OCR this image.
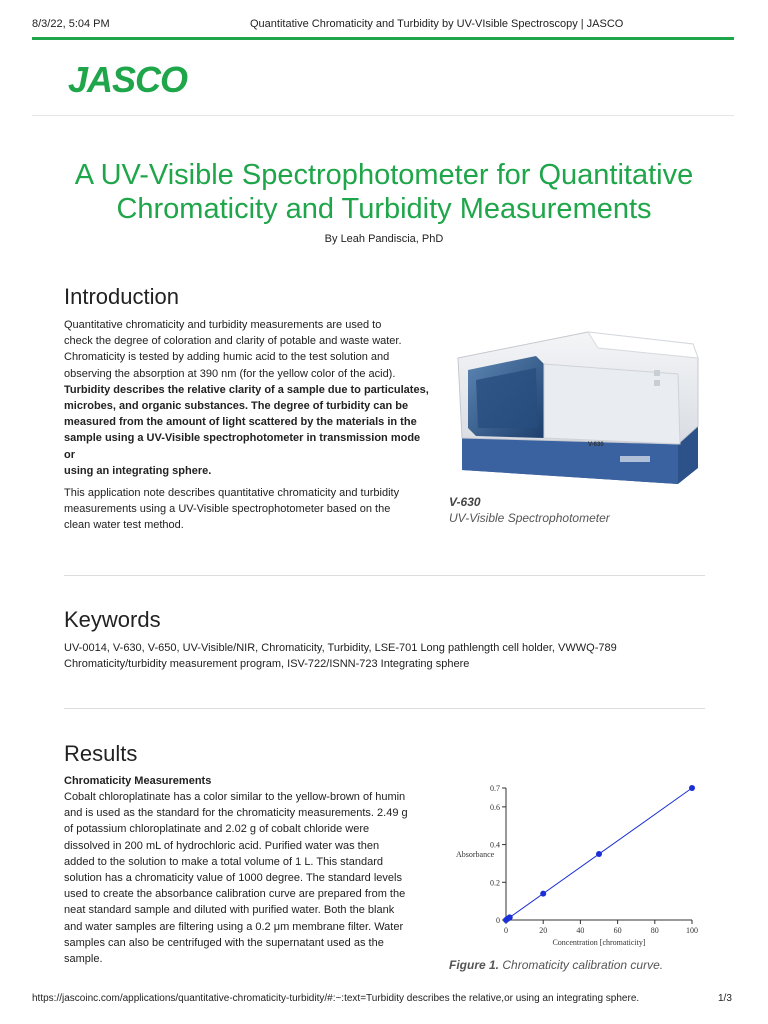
8/3/22, 5:04 PM	Quantitative Chromaticity and Turbidity by UV-VIsible Spectroscopy | JASCO
JASCO
A UV-Visible Spectrophotometer for Quantitative
Chromaticity and Turbidity Measurements
By Leah Pandiscia, PhD
Introduction
Quantitative chromaticity and turbidity measurements are used to
check the degree of coloration and clarity of potable and waste water.
Chromaticity is tested by adding humic acid to the test solution and
observing the absorption at 390 nm (for the yellow color of the acid).
Turbidity describes the relative clarity of a sample due to particulates,
microbes, and organic substances. The degree of turbidity can be
measured from the amount of light scattered by the materials in the
sample using a UV-Visible spectrophotometer in transmission mode or
using an integrating sphere.
This application note describes quantitative chromaticity and turbidity
measurements using a UV-Visible spectrophotometer based on the
clean water test method.
V-630
V-630
UV-Visible Spectrophotometer
Keywords
UV-0014, V-630, V-650, UV-Visible/NIR, Chromaticity, Turbidity, LSE-701 Long pathlength cell holder, VWWQ-789
Chromaticity/turbidity measurement program, ISV-722/ISNN-723 Integrating sphere
Results
Chromaticity Measurements
Cobalt chloroplatinate has a color similar to the yellow-brown of humin
and is used as the standard for the chromaticity measurements. 2.49 g
of potassium chloroplatinate and 2.02 g of cobalt chloride were
dissolved in 200 mL of hydrochloric acid. Purified water was then
added to the solution to make a total volume of 1 L. This standard
solution has a chromaticity value of 1000 degree. The standard levels
used to create the absorbance calibration curve are prepared from the
neat standard sample and diluted with purified water. Both the blank
and water samples are filtering using a 0.2 μm membrane filter. Water
samples can also be centrifuged with the supernatant used as the
sample.
0
0.2
0.4
0.6
0.7
0	20	40	60	80	100
Concentration [chromaticity]
Absorbance
Figure 1. Chromaticity calibration curve.
https://jascoinc.com/applications/quantitative-chromaticity-turbidity/#:~:text=Turbidity describes the relative,or using an integrating sphere.	1/3
